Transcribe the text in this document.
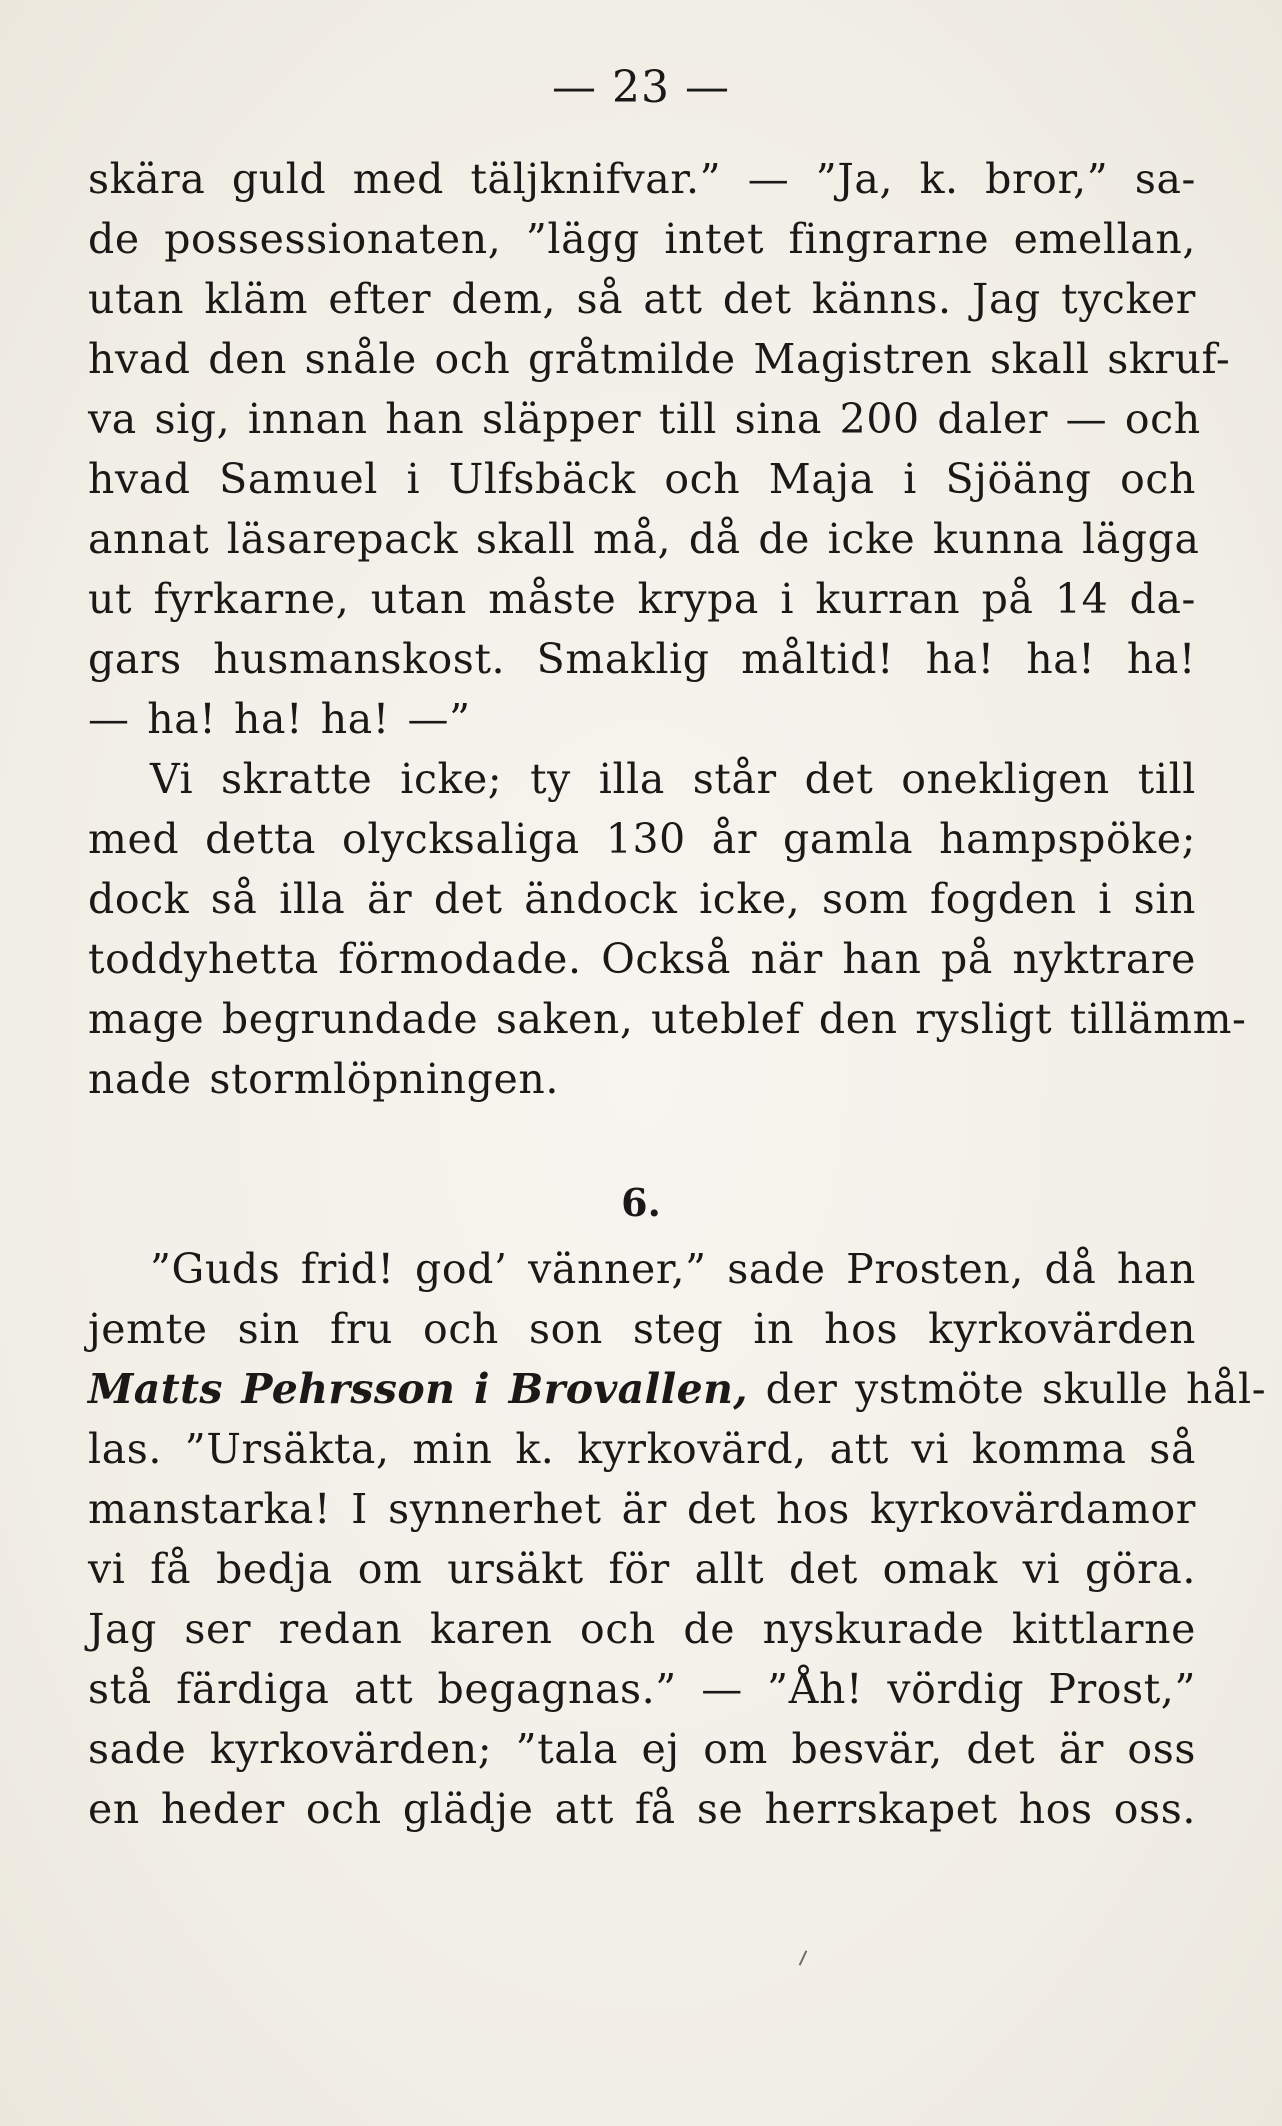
— 23 —
skära guld med täljknifvar.” — ”Ja, k. bror,” sa-
de possessionaten, ”lägg intet fingrarne emellan,
utan kläm efter dem, så att det känns. Jag tycker
hvad den snåle och gråtmilde Magistren skall skruf-
va sig, innan han släpper till sina 200 daler — och
hvad Samuel i Ulfsbäck och Maja i Sjöäng och
annat läsarepack skall må, då de icke kunna lägga
ut fyrkarne, utan måste krypa i kurran på 14 da-
gars husmanskost. Smaklig måltid! ha! ha! ha!
— ha! ha! ha! —”
Vi skratte icke; ty illa står det onekligen till
med detta olycksaliga 130 år gamla hampspöke;
dock så illa är det ändock icke, som fogden i sin
toddyhetta förmodade. Också när han på nyktrare
mage begrundade saken, uteblef den rysligt tillämm-
nade stormlöpningen.
6.
”Guds frid! god’ vänner,” sade Prosten, då han
jemte sin fru och son steg in hos kyrkovärden
Matts Pehrsson i Brovallen, der ystmöte skulle hål-
las. ”Ursäkta, min k. kyrkovärd, att vi komma så
manstarka! I synnerhet är det hos kyrkovärdamor
vi få bedja om ursäkt för allt det omak vi göra.
Jag ser redan karen och de nyskurade kittlarne
stå färdiga att begagnas.” — ”Åh! vördig Prost,”
sade kyrkovärden; ”tala ej om besvär, det är oss
en heder och glädje att få se herrskapet hos oss.
